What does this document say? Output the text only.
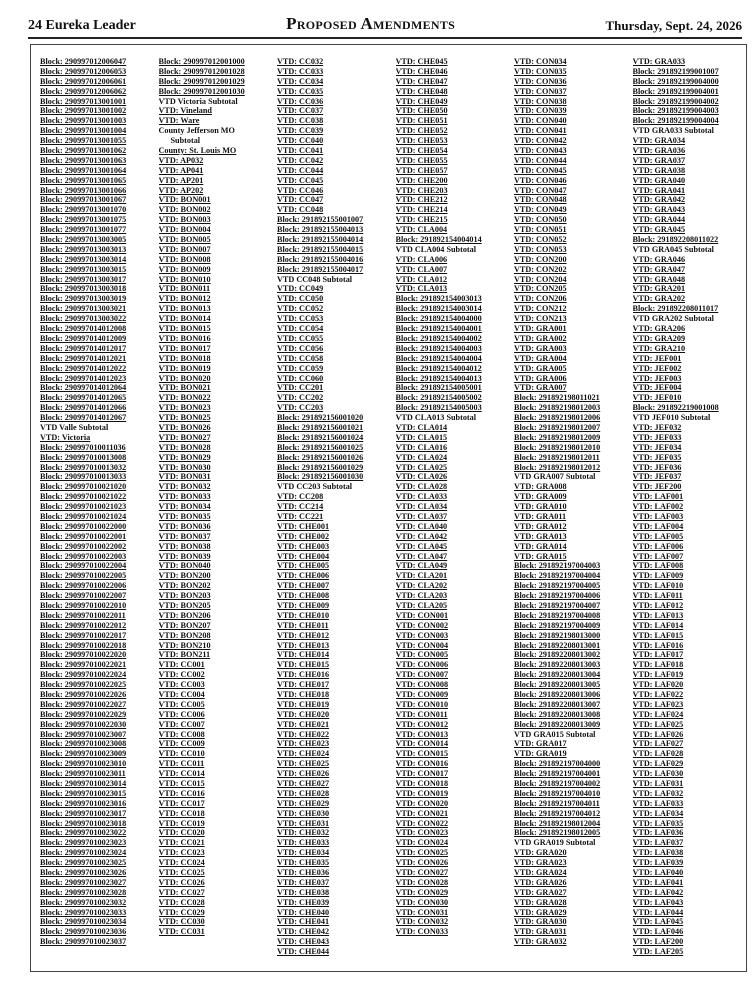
24 Eureka Leader	Proposed Amendments	Thursday, Sept. 24, 2026
Block: 290997012006047
Block: 290997012006053
Block: 290997012006061
Block: 290997012006062
Block: 290997013001001
Block: 290997013001002
Block: 290997013001003
Block: 290997013001004
Block: 290997013001055
Block: 290997013001062
Block: 290997013001063
Block: 290997013001064
Block: 290997013001065
Block: 290997013001066
Block: 290997013001067
Block: 290997013001070
Block: 290997013001075
Block: 290997013001077
Block: 290997013003005
Block: 290997013003013
Block: 290997013003014
Block: 290997013003015
Block: 290997013003017
Block: 290997013003018
Block: 290997013003019
Block: 290997013003021
Block: 290997013003022
Block: 290997014012008
Block: 290997014012009
Block: 290997014012017
Block: 290997014012021
Block: 290997014012022
Block: 290997014012023
Block: 290997014012064
Block: 290997014012065
Block: 290997014012066
Block: 290997014012067
VTD Valle Subtotal
VTD: Victoria
Block: 290997010011036
Block: 290997010013008
Block: 290997010013032
Block: 290997010013033
Block: 290997010021020
Block: 290997010021022
Block: 290997010021023
Block: 290997010021024
Block: 290997010022000
Block: 290997010022001
Block: 290997010022002
Block: 290997010022003
Block: 290997010022004
Block: 290997010022005
Block: 290997010022006
Block: 290997010022007
Block: 290997010022010
Block: 290997010022011
Block: 290997010022012
Block: 290997010022017
Block: 290997010022018
Block: 290997010022020
Block: 290997010022021
Block: 290997010022024
Block: 290997010022025
Block: 290997010022026
Block: 290997010022027
Block: 290997010022029
Block: 290997010022030
Block: 290997010023007
Block: 290997010023008
Block: 290997010023009
Block: 290997010023010
Block: 290997010023011
Block: 290997010023014
Block: 290997010023015
Block: 290997010023016
Block: 290997010023017
Block: 290997010023018
Block: 290997010023022
Block: 290997010023023
Block: 290997010023024
Block: 290997010023025
Block: 290997010023026
Block: 290997010023027
Block: 290997010023028
Block: 290997010023032
Block: 290997010023033
Block: 290997010023034
Block: 290997010023036
Block: 290997010023037
Block: 290997012001000
Block: 290997012001028
Block: 290997012001029
Block: 290997012001030
VTD Victoria Subtotal
VTD: Vineland
VTD: Ware
County Jefferson MO
Subtotal
County: St. Louis MO
VTD: AP032
VTD: AP041
VTD: AP201
VTD: AP202
VTD: BON001
VTD: BON002
VTD: BON003
VTD: BON004
VTD: BON005
VTD: BON007
VTD: BON008
VTD: BON009
VTD: BON010
VTD: BON011
VTD: BON012
VTD: BON013
VTD: BON014
VTD: BON015
VTD: BON016
VTD: BON017
VTD: BON018
VTD: BON019
VTD: BON020
VTD: BON021
VTD: BON022
VTD: BON023
VTD: BON025
VTD: BON026
VTD: BON027
VTD: BON028
VTD: BON029
VTD: BON030
VTD: BON031
VTD: BON032
VTD: BON033
VTD: BON034
VTD: BON035
VTD: BON036
VTD: BON037
VTD: BON038
VTD: BON039
VTD: BON040
VTD: BON200
VTD: BON202
VTD: BON203
VTD: BON205
VTD: BON206
VTD: BON207
VTD: BON208
VTD: BON210
VTD: BON211
VTD: CC001
VTD: CC002
VTD: CC003
VTD: CC004
VTD: CC005
VTD: CC006
VTD: CC007
VTD: CC008
VTD: CC009
VTD: CC010
VTD: CC011
VTD: CC014
VTD: CC015
VTD: CC016
VTD: CC017
VTD: CC018
VTD: CC019
VTD: CC020
VTD: CC021
VTD: CC023
VTD: CC024
VTD: CC025
VTD: CC026
VTD: CC027
VTD: CC028
VTD: CC029
VTD: CC030
VTD: CC031
VTD: CC032
VTD: CC033
VTD: CC034
VTD: CC035
VTD: CC036
VTD: CC037
VTD: CC038
VTD: CC039
VTD: CC040
VTD: CC041
VTD: CC042
VTD: CC044
VTD: CC045
VTD: CC046
VTD: CC047
VTD: CC048
Block: 291892155001007
Block: 291892155004013
Block: 291892155004014
Block: 291892155004015
Block: 291892155004016
Block: 291892155004017
VTD CC048 Subtotal
VTD: CC049
VTD: CC050
VTD: CC052
VTD: CC053
VTD: CC054
VTD: CC055
VTD: CC056
VTD: CC058
VTD: CC059
VTD: CC060
VTD: CC201
VTD: CC202
VTD: CC203
Block: 291892156001020
Block: 291892156001021
Block: 291892156001024
Block: 291892156001025
Block: 291892156001026
Block: 291892156001029
Block: 291892156001030
VTD CC203 Subtotal
VTD: CC208
VTD: CC214
VTD: CC221
VTD: CHE001
VTD: CHE002
VTD: CHE003
VTD: CHE004
VTD: CHE005
VTD: CHE006
VTD: CHE007
VTD: CHE008
VTD: CHE009
VTD: CHE010
VTD: CHE011
VTD: CHE012
VTD: CHE013
VTD: CHE014
VTD: CHE015
VTD: CHE016
VTD: CHE017
VTD: CHE018
VTD: CHE019
VTD: CHE020
VTD: CHE021
VTD: CHE022
VTD: CHE023
VTD: CHE024
VTD: CHE025
VTD: CHE026
VTD: CHE027
VTD: CHE028
VTD: CHE029
VTD: CHE030
VTD: CHE031
VTD: CHE032
VTD: CHE033
VTD: CHE034
VTD: CHE035
VTD: CHE036
VTD: CHE037
VTD: CHE038
VTD: CHE039
VTD: CHE040
VTD: CHE041
VTD: CHE042
VTD: CHE043
VTD: CHE044
VTD: CHE045
VTD: CHE046
VTD: CHE047
VTD: CHE048
VTD: CHE049
VTD: CHE050
VTD: CHE051
VTD: CHE052
VTD: CHE053
VTD: CHE054
VTD: CHE055
VTD: CHE057
VTD: CHE200
VTD: CHE203
VTD: CHE212
VTD: CHE214
VTD: CHE215
VTD: CLA004
Block: 291892154004014
VTD CLA004 Subtotal
VTD: CLA006
VTD: CLA007
VTD: CLA012
VTD: CLA013
Block: 291892154003013
Block: 291892154003014
Block: 291892154004000
Block: 291892154004001
Block: 291892154004002
Block: 291892154004003
Block: 291892154004004
Block: 291892154004012
Block: 291892154004013
Block: 291892154005001
Block: 291892154005002
Block: 291892154005003
VTD CLA013 Subtotal
VTD: CLA014
VTD: CLA015
VTD: CLA016
VTD: CLA024
VTD: CLA025
VTD: CLA026
VTD: CLA028
VTD: CLA033
VTD: CLA034
VTD: CLA037
VTD: CLA040
VTD: CLA042
VTD: CLA045
VTD: CLA047
VTD: CLA049
VTD: CLA201
VTD: CLA202
VTD: CLA203
VTD: CLA205
VTD: CON001
VTD: CON002
VTD: CON003
VTD: CON004
VTD: CON005
VTD: CON006
VTD: CON007
VTD: CON008
VTD: CON009
VTD: CON010
VTD: CON011
VTD: CON012
VTD: CON013
VTD: CON014
VTD: CON015
VTD: CON016
VTD: CON017
VTD: CON018
VTD: CON019
VTD: CON020
VTD: CON021
VTD: CON022
VTD: CON023
VTD: CON024
VTD: CON025
VTD: CON026
VTD: CON027
VTD: CON028
VTD: CON029
VTD: CON030
VTD: CON031
VTD: CON032
VTD: CON033
VTD: CON034
VTD: CON035
VTD: CON036
VTD: CON037
VTD: CON038
VTD: CON039
VTD: CON040
VTD: CON041
VTD: CON042
VTD: CON043
VTD: CON044
VTD: CON045
VTD: CON046
VTD: CON047
VTD: CON048
VTD: CON049
VTD: CON050
VTD: CON051
VTD: CON052
VTD: CON053
VTD: CON200
VTD: CON202
VTD: CON204
VTD: CON205
VTD: CON206
VTD: CON212
VTD: CON213
VTD: GRA001
VTD: GRA002
VTD: GRA003
VTD: GRA004
VTD: GRA005
VTD: GRA006
VTD: GRA007
Block: 291892198011021
Block: 291892198012003
Block: 291892198012006
Block: 291892198012007
Block: 291892198012009
Block: 291892198012010
Block: 291892198012011
Block: 291892198012012
VTD GRA007 Subtotal
VTD: GRA008
VTD: GRA009
VTD: GRA010
VTD: GRA011
VTD: GRA012
VTD: GRA013
VTD: GRA014
VTD: GRA015
Block: 291892197004003
Block: 291892197004004
Block: 291892197004005
Block: 291892197004006
Block: 291892197004007
Block: 291892197004008
Block: 291892197004009
Block: 291892198013000
Block: 291892208013001
Block: 291892208013002
Block: 291892208013003
Block: 291892208013004
Block: 291892208013005
Block: 291892208013006
Block: 291892208013007
Block: 291892208013008
Block: 291892208013009
VTD GRA015 Subtotal
VTD: GRA017
VTD: GRA019
Block: 291892197004000
Block: 291892197004001
Block: 291892197004002
Block: 291892197004010
Block: 291892197004011
Block: 291892197004012
Block: 291892198012004
Block: 291892198012005
VTD GRA019 Subtotal
VTD: GRA020
VTD: GRA023
VTD: GRA024
VTD: GRA026
VTD: GRA027
VTD: GRA028
VTD: GRA029
VTD: GRA030
VTD: GRA031
VTD: GRA032
VTD: GRA033
Block: 291892199001007
Block: 291892199004000
Block: 291892199004001
Block: 291892199004002
Block: 291892199004003
Block: 291892199004004
VTD GRA033 Subtotal
VTD: GRA034
VTD: GRA036
VTD: GRA037
VTD: GRA038
VTD: GRA040
VTD: GRA041
VTD: GRA042
VTD: GRA043
VTD: GRA044
VTD: GRA045
Block: 291892208011022
VTD GRA045 Subtotal
VTD: GRA046
VTD: GRA047
VTD: GRA048
VTD: GRA201
VTD: GRA202
Block: 291892208011017
VTD GRA202 Subtotal
VTD: GRA206
VTD: GRA209
VTD: GRA210
VTD: JEF001
VTD: JEF002
VTD: JEF003
VTD: JEF004
VTD: JEF010
Block: 291892219001008
VTD JEF010 Subtotal
VTD: JEF032
VTD: JEF033
VTD: JEF034
VTD: JEF035
VTD: JEF036
VTD: JEF037
VTD: JEF200
VTD: LAF001
VTD: LAF002
VTD: LAF003
VTD: LAF004
VTD: LAF005
VTD: LAF006
VTD: LAF007
VTD: LAF008
VTD: LAF009
VTD: LAF010
VTD: LAF011
VTD: LAF012
VTD: LAF013
VTD: LAF014
VTD: LAF015
VTD: LAF016
VTD: LAF017
VTD: LAF018
VTD: LAF019
VTD: LAF020
VTD: LAF022
VTD: LAF023
VTD: LAF024
VTD: LAF025
VTD: LAF026
VTD: LAF027
VTD: LAF028
VTD: LAF029
VTD: LAF030
VTD: LAF031
VTD: LAF032
VTD: LAF033
VTD: LAF034
VTD: LAF035
VTD: LAF036
VTD: LAF037
VTD: LAF038
VTD: LAF039
VTD: LAF040
VTD: LAF041
VTD: LAF042
VTD: LAF043
VTD: LAF044
VTD: LAF045
VTD: LAF046
VTD: LAF200
VTD: LAF205
